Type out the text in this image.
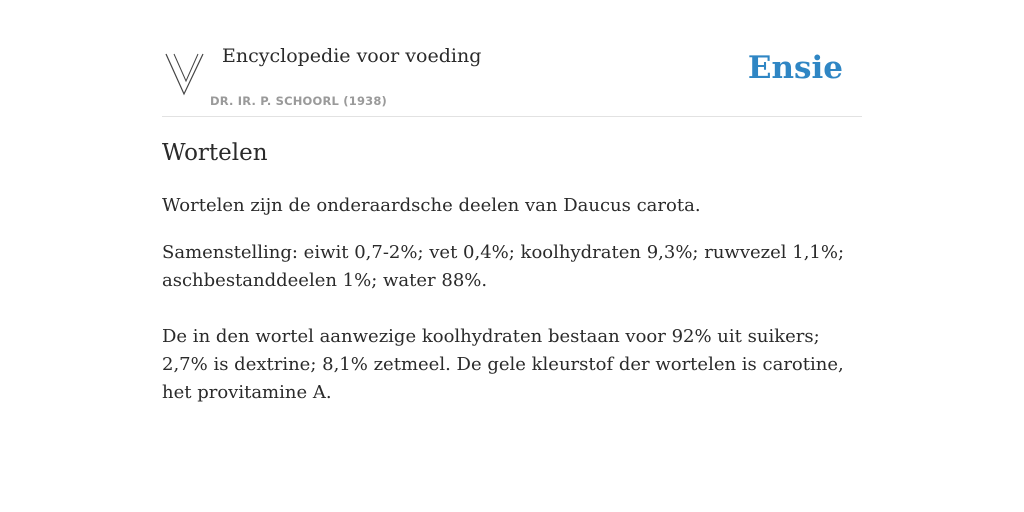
Encyclopedie voor voeding
DR. IR. P. SCHOORL (1938)
Ensie
Wortelen

Wortelen zijn de onderaardsche deelen van Daucus carota.

Samenstelling: eiwit 0,7-2%; vet 0,4%; koolhydraten 9,3%; ruwvezel 1,1%; aschbestanddeelen 1%; water 88%.

De in den wortel aanwezige koolhydraten bestaan voor 92% uit suikers; 2,7% is dextrine; 8,1% zetmeel. De gele kleurstof der wortelen is carotine, het provitamine A.
